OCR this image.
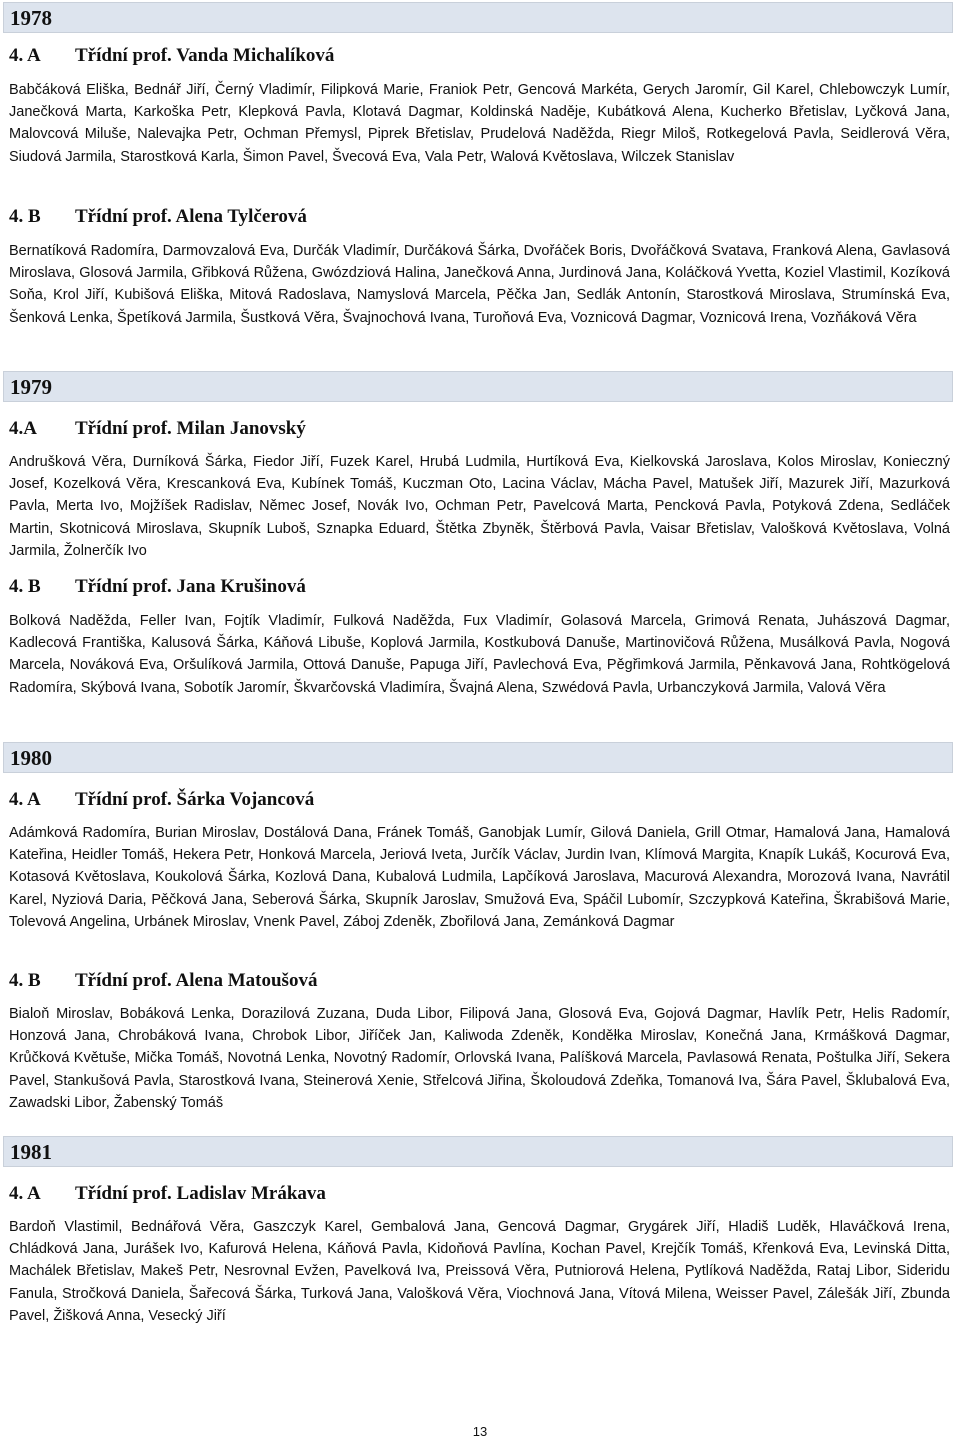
1978
4. A Třídní prof. Vanda Michalíková

Babčáková Eliška, Bednář Jiří, Černý Vladimír, Filipková Marie, Franiok Petr, Gencová Markéta, Gerych Jaromír, Gil Karel, Chlebowczyk Lumír, Janečková Marta, Karkoška Petr, Klepková Pavla, Klotavá Dagmar, Koldinská Naděje, Kubátková Alena, Kucherko Břetislav, Lyčková Jana, Malovcová Miluše, Nalevajka Petr, Ochman Přemysl, Piprek Břetislav, Prudelová Naděžda, Riegr Miloš, Rotkegelová Pavla, Seidlerová Věra, Siudová Jarmila, Starostková Karla, Šimon Pavel, Švecová Eva, Vala Petr, Walová Květoslava, Wilczek Stanislav

4. B Třídní prof. Alena Tylčerová

Bernatíková Radomíra, Darmovzalová Eva, Durčák Vladimír, Durčáková Šárka, Dvořáček Boris, Dvořáčková Svatava, Franková Alena, Gavlasová Miroslava, Glosová Jarmila, Gřibková Růžena, Gwózdziová Halina, Janečková Anna, Jurdinová Jana, Koláčková Yvetta, Koziel Vlastimil, Kozíková Soňa, Krol Jiří, Kubišová Eliška, Mitová Radoslava, Namyslová Marcela, Pěčka Jan, Sedlák Antonín, Starostková Miroslava, Strumínská Eva, Šenková Lenka, Špetíková Jarmila, Šustková Věra, Švajnochová Ivana, Turoňová Eva, Voznicová Dagmar, Voznicová Irena, Vozňáková Věra

1979
4.A Třídní prof. Milan Janovský

Andrušková Věra, Durníková Šárka, Fiedor Jiří, Fuzek Karel, Hrubá Ludmila, Hurtíková Eva, Kielkovská Jaroslava, Kolos Miroslav, Konieczný Josef, Kozelková Věra, Krescanková Eva, Kubínek Tomáš, Kuczman Oto, Lacina Václav, Mácha Pavel, Matušek Jiří, Mazurek Jiří, Mazurková Pavla, Merta Ivo, Mojžíšek Radislav, Němec Josef, Novák Ivo, Ochman Petr, Pavelcová Marta, Pencková Pavla, Potyková Zdena, Sedláček Martin, Skotnicová Miroslava, Skupník Luboš, Sznapka Eduard, Štětka Zbyněk, Štěrbová Pavla, Vaisar Břetislav, Valošková Květoslava, Volná Jarmila, Žolnerčík Ivo

4. B Třídní prof. Jana Krušinová

Bolková Naděžda, Feller Ivan, Fojtík Vladimír, Fulková Naděžda, Fux Vladimír, Golasová Marcela, Grimová Renata, Juhászová Dagmar, Kadlecová Františka, Kalusová Šárka, Káňová Libuše, Koplová Jarmila, Kostkubová Danuše, Martinovičová Růžena, Musálková Pavla, Nogová Marcela, Nováková Eva, Oršulíková Jarmila, Ottová Danuše, Papuga Jiří, Pavlechová Eva, Pěgřimková Jarmila, Pěnkavová Jana, Rohtkögelová Radomíra, Skýbová Ivana, Sobotík Jaromír, Škvarčovská Vladimíra, Švajná Alena, Szwédová Pavla, Urbanczyková Jarmila, Valová Věra

1980
4. A Třídní prof. Šárka Vojancová

Adámková Radomíra, Burian Miroslav, Dostálová Dana, Fránek Tomáš, Ganobjak Lumír, Gilová Daniela, Grill Otmar, Hamalová Jana, Hamalová Kateřina, Heidler Tomáš, Hekera Petr, Honková Marcela, Jeriová Iveta, Jurčík Václav, Jurdin Ivan, Klímová Margita, Knapík Lukáš, Kocurová Eva, Kotasová Květoslava, Koukolová Šárka, Kozlová Dana, Kubalová Ludmila, Lapčíková Jaroslava, Macurová Alexandra, Morozová Ivana, Navrátil Karel, Nyziová Daria, Pěčková Jana, Seberová Šárka, Skupník Jaroslav, Smužová Eva, Spáčil Lubomír, Szczypková Kateřina, Škrabišová Marie, Tolevová Angelina, Urbánek Miroslav, Vnenk Pavel, Záboj Zdeněk, Zbořilová Jana, Zemánková Dagmar

4. B Třídní prof. Alena Matoušová

Bialoň Miroslav, Bobáková Lenka, Dorazilová Zuzana, Duda Libor, Filipová Jana, Glosová Eva, Gojová Dagmar, Havlík Petr, Helis Radomír, Honzová Jana, Chrobáková Ivana, Chrobok Libor, Jiříček Jan, Kaliwoda Zdeněk, Konděłka Miroslav, Konečná Jana, Krmášková Dagmar, Krůčková Květuše, Mička Tomáš, Novotná Lenka, Novotný Radomír, Orlovská Ivana, Palíšková Marcela, Pavlasowá Renata, Poštulka Jiří, Sekera Pavel, Stankušová Pavla, Starostková Ivana, Steinerová Xenie, Střelcová Jiřina, Školoudová Zdeňka, Tomanová Iva, Šára Pavel, Šklubalová Eva, Zawadski Libor, Žabenský Tomáš

1981
4. A Třídní prof. Ladislav Mrákava

Bardoň Vlastimil, Bednářová Věra, Gaszczyk Karel, Gembalová Jana, Gencová Dagmar, Grygárek Jiří, Hladiš Luděk, Hlaváčková Irena, Chládková Jana, Jurášek Ivo, Kafurová Helena, Káňová Pavla, Kidoňová Pavlína, Kochan Pavel, Krejčík Tomáš, Křenková Eva, Levinská Ditta, Machálek Břetislav, Makeš Petr, Nesrovnal Evžen, Pavelková Iva, Preissová Věra, Putniorová Helena, Pytlíková Naděžda, Rataj Libor, Sideridu Fanula, Stročková Daniela, Šařecová Šárka, Turková Jana, Valošková Věra, Viochnová Jana, Vítová Milena, Weisser Pavel, Zálešák Jiří, Zbunda Pavel, Žišková Anna, Vesecký Jiří

13
